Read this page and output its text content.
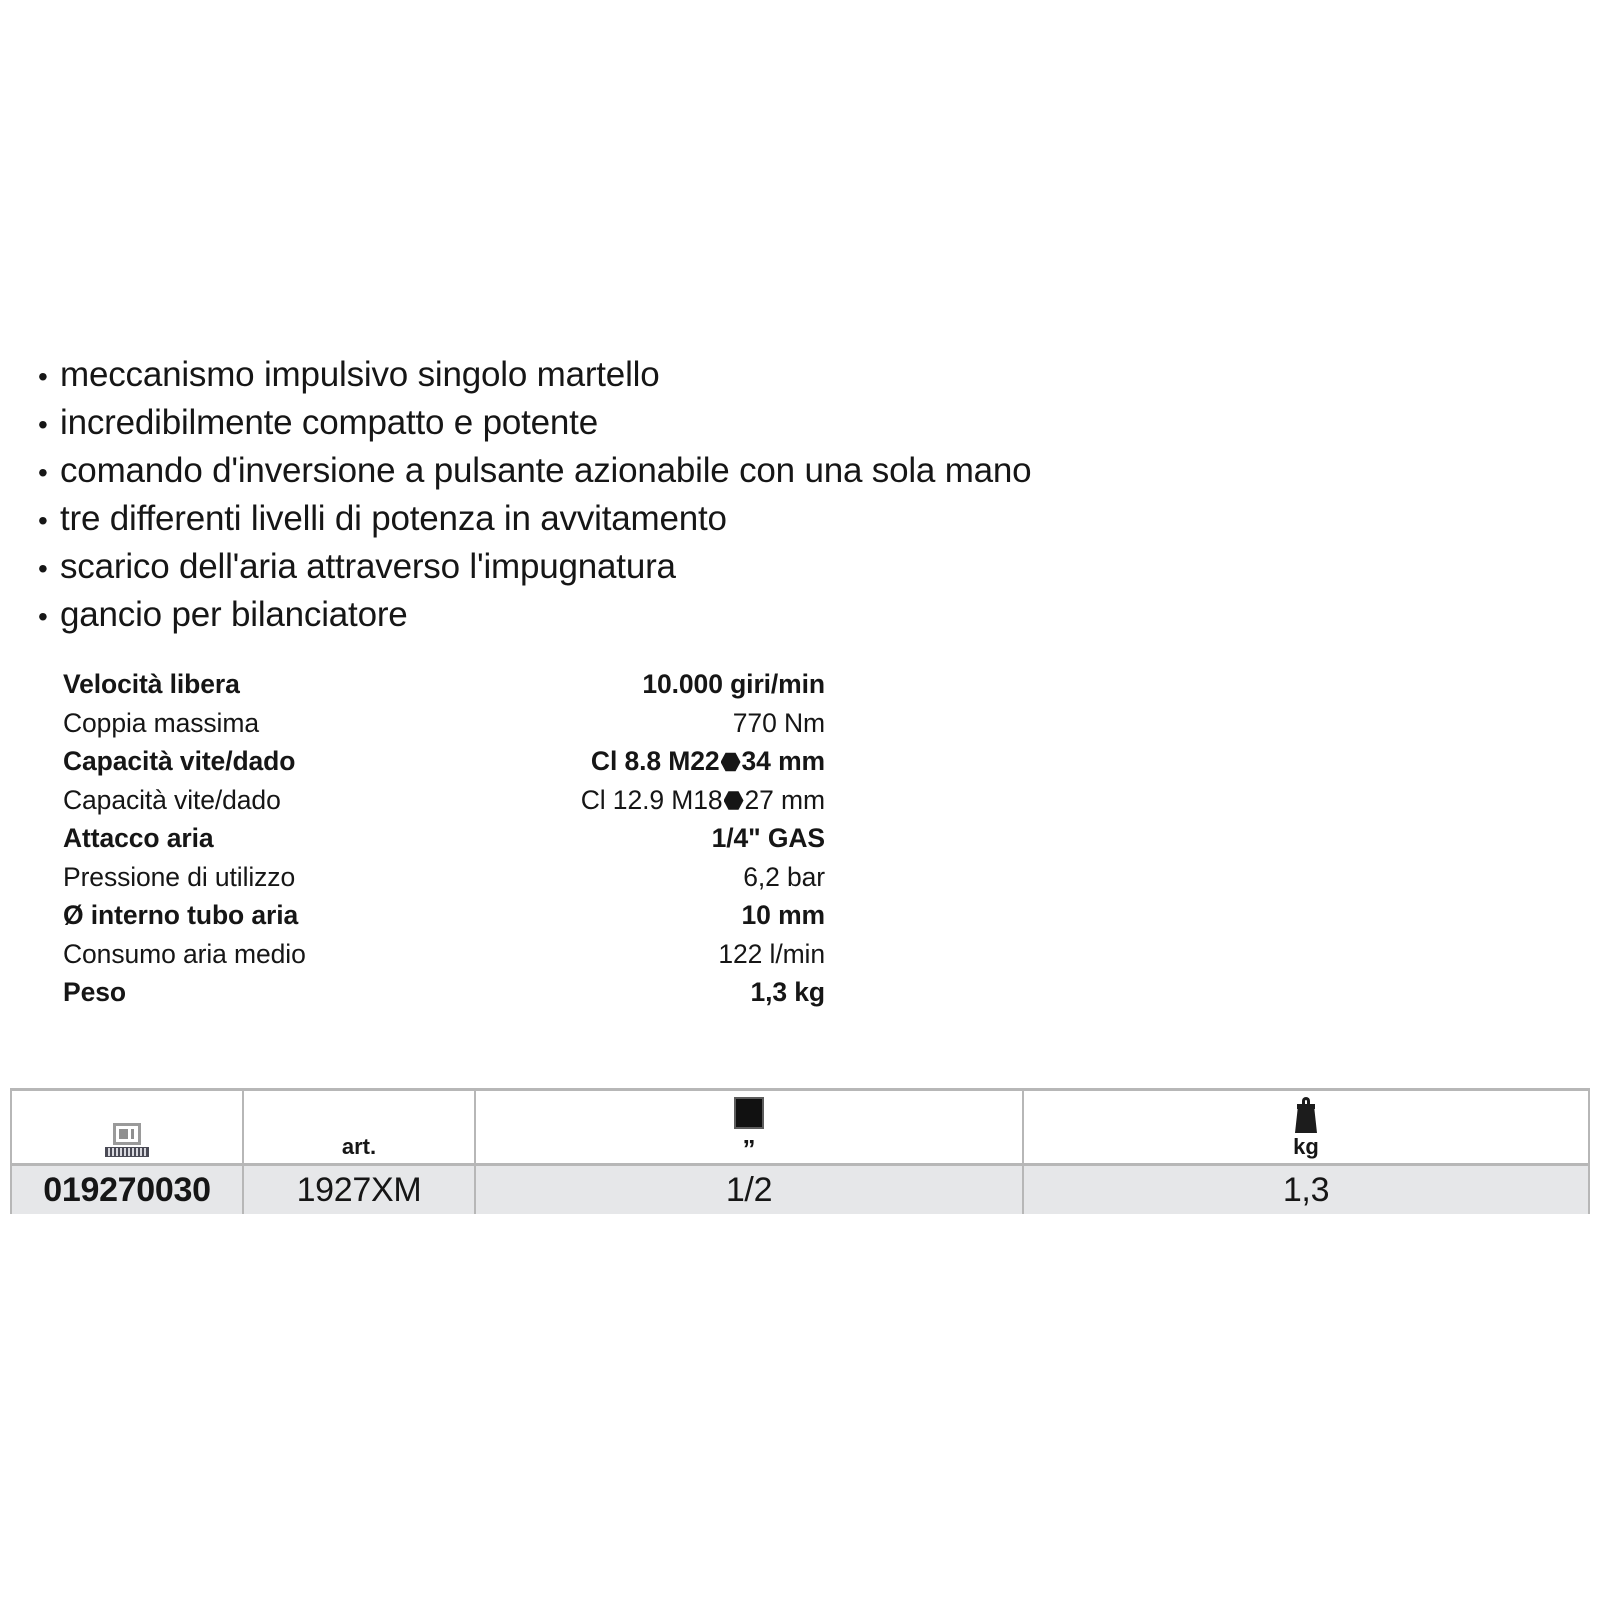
• meccanismo impulsivo singolo martello
• incredibilmente compatto e potente
• comando d'inversione a pulsante azionabile con una sola mano
• tre differenti livelli di potenza in avvitamento
• scarico dell'aria attraverso l'impugnatura
• gancio per bilanciatore
Velocità libera	10.000 giri/min
Coppia massima	770 Nm
Capacità vite/dado	Cl 8.8 M22 34 mm
Capacità vite/dado	Cl 12.9 M18 27 mm
Attacco aria	1/4" GAS
Pressione di utilizzo	6,2 bar
Ø interno tubo aria	10 mm
Consumo aria medio	122 l/min
Peso	1,3 kg

	art.	”	kg

019270030	1927XM	1/2	1,3
